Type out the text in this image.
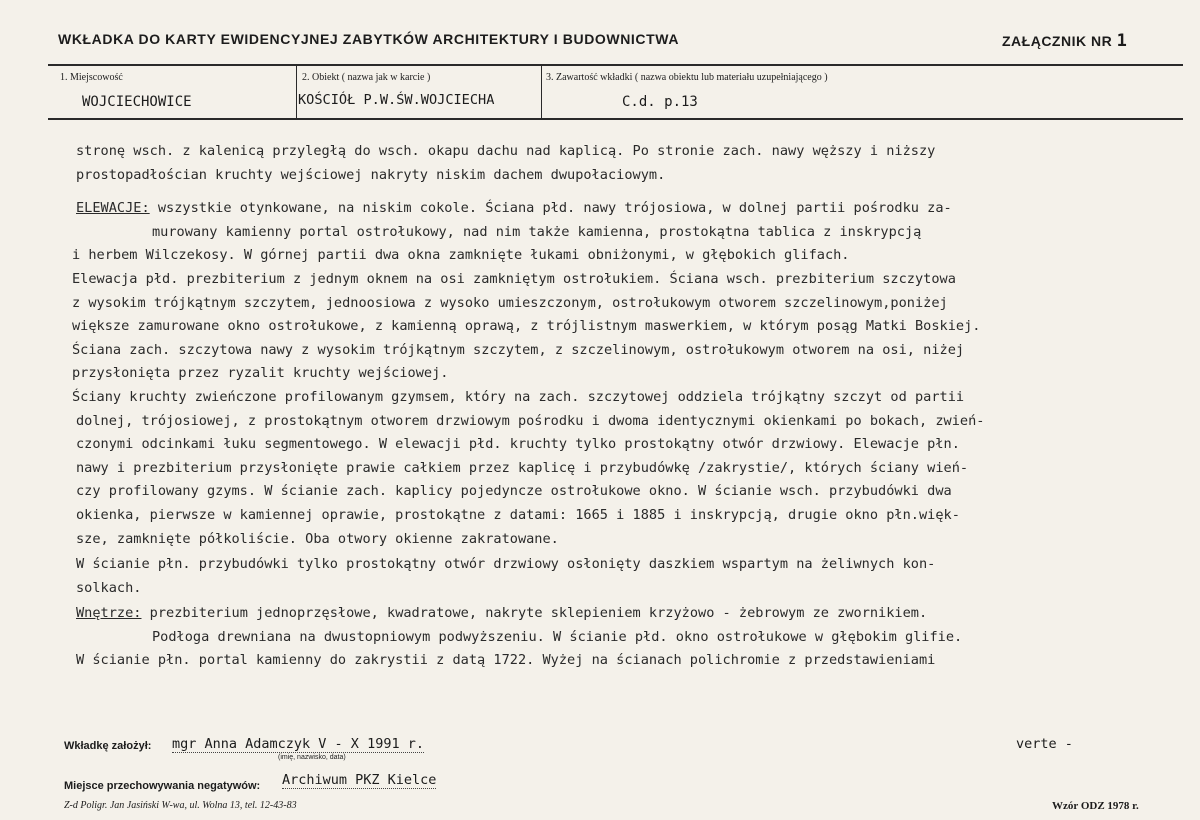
WKŁADKA DO KARTY EWIDENCYJNEJ ZABYTKÓW ARCHITEKTURY I BUDOWNICTWA	ZAŁĄCZNIK NR 1
1. Miejscowość
WOJCIECHOWICE
2. Obiekt ( nazwa jak w karcie )
KOŚCIÓŁ P.W.ŚW.WOJCIECHA
3. Zawartość wkładki ( nazwa obiektu lub materiału uzupełniającego )
C.d. p.13
stronę wsch. z kalenicą przyległą do wsch. okapu dachu nad kaplicą. Po stronie zach. nawy węższy i niższy
prostopadłościan kruchty wejściowej nakryty niskim dachem dwupołaciowym.
ELEWACJE: wszystkie otynkowane, na niskim cokole. Ściana płd. nawy trójosiowa, w dolnej partii pośrodku za-
murowany kamienny portal ostrołukowy, nad nim także kamienna, prostokątna tablica z inskrypcją
i herbem Wilczekosy. W górnej partii dwa okna zamknięte łukami obniżonymi, w głębokich glifach.
Elewacja płd. prezbiterium z jednym oknem na osi zamkniętym ostrołukiem. Ściana wsch. prezbiterium szczytowa
z wysokim trójkątnym szczytem, jednoosiowa z wysoko umieszczonym, ostrołukowym otworem szczelinowym,poniżej
większe zamurowane okno ostrołukowe, z kamienną oprawą, z trójlistnym maswerkiem, w którym posąg Matki Boskiej.
Ściana zach. szczytowa nawy z wysokim trójkątnym szczytem, z szczelinowym, ostrołukowym otworem na osi, niżej
przysłonięta przez ryzalit kruchty wejściowej.
Ściany kruchty zwieńczone profilowanym gzymsem, który na zach. szczytowej oddziela trójkątny szczyt od partii
dolnej, trójosiowej, z prostokątnym otworem drzwiowym pośrodku i dwoma identycznymi okienkami po bokach, zwień-
czonymi odcinkami łuku segmentowego. W elewacji płd. kruchty tylko prostokątny otwór drzwiowy. Elewacje płn.
nawy i prezbiterium przysłonięte prawie całkiem przez kaplicę i przybudówkę /zakrystie/, których ściany wień-
czy profilowany gzyms. W ścianie zach. kaplicy pojedyncze ostrołukowe okno. W ścianie wsch. przybudówki dwa
okienka, pierwsze w kamiennej oprawie, prostokątne z datami: 1665 i 1885 i inskrypcją, drugie okno płn.więk-
sze, zamknięte półkoliście. Oba otwory okienne zakratowane.
W ścianie płn. przybudówki tylko prostokątny otwór drzwiowy osłonięty daszkiem wspartym na żeliwnych kon-
solkach.
Wnętrze: prezbiterium jednoprzęsłowe, kwadratowe, nakryte sklepieniem krzyżowo - żebrowym ze zwornikiem.
Podłoga drewniana na dwustopniowym podwyższeniu. W ścianie płd. okno ostrołukowe w głębokim glifie.
W ścianie płn. portal kamienny do zakrystii z datą 1722. Wyżej na ścianach polichromie z przedstawieniami
Wkładkę założył: mgr Anna Adamczyk V - X 1991 r.
(imię, nazwisko, data)
verte -
Miejsce przechowywania negatywów: Archiwum PKZ Kielce
Z-d Poligr. Jan Jasiński W-wa, ul. Wolna 13, tel. 12-43-83	Wzór ODZ 1978 r.
